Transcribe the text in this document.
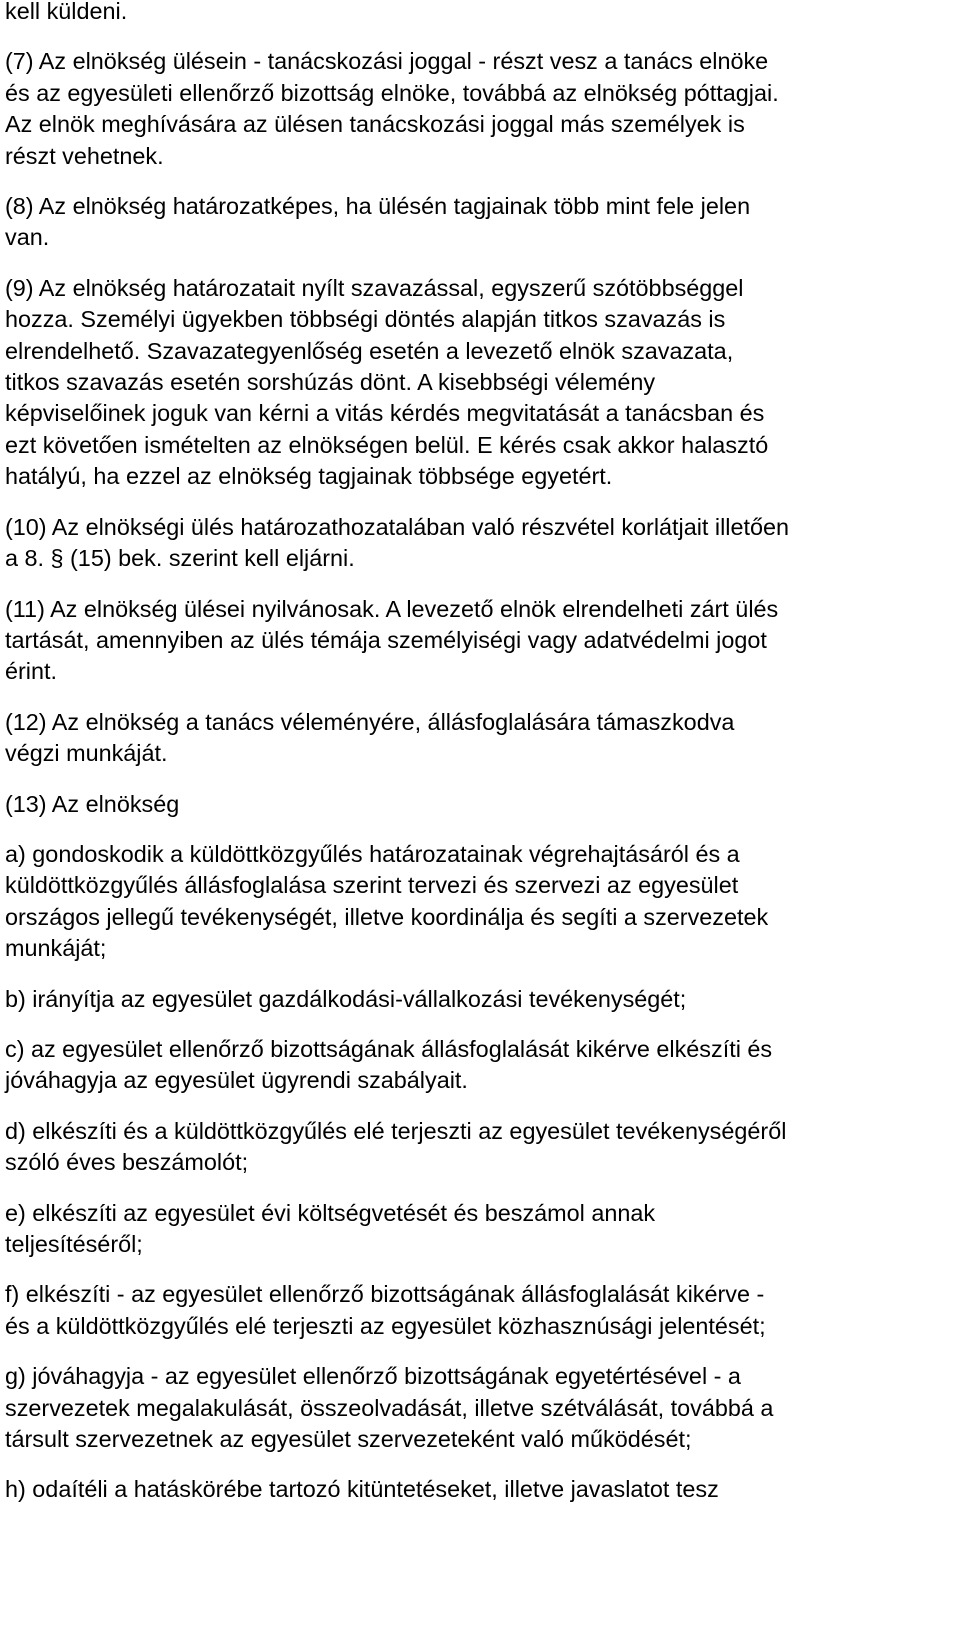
kell küldeni.
(7) Az elnökség ülésein - tanácskozási joggal - részt vesz a tanács elnöke
és az egyesületi ellenőrző bizottság elnöke, továbbá az elnökség póttagjai.
Az elnök meghívására az ülésen tanácskozási joggal más személyek is
részt vehetnek.
(8) Az elnökség határozatképes, ha ülésén tagjainak több mint fele jelen
van.
(9) Az elnökség határozatait nyílt szavazással, egyszerű szótöbbséggel
hozza. Személyi ügyekben többségi döntés alapján titkos szavazás is
elrendelhető. Szavazategyenlőség esetén a levezető elnök szavazata,
titkos szavazás esetén sorshúzás dönt. A kisebbségi vélemény
képviselőinek joguk van kérni a vitás kérdés megvitatását a tanácsban és
ezt követően ismételten az elnökségen belül. E kérés csak akkor halasztó
hatályú, ha ezzel az elnökség tagjainak többsége egyetért.
(10) Az elnökségi ülés határozathozatalában való részvétel korlátjait illetően
a 8. § (15) bek. szerint kell eljárni.
(11) Az elnökség ülései nyilvánosak. A levezető elnök elrendelheti zárt ülés
tartását, amennyiben az ülés témája személyiségi vagy adatvédelmi jogot
érint.
(12) Az elnökség a tanács véleményére, állásfoglalására támaszkodva
végzi munkáját.
(13) Az elnökség
a) gondoskodik a küldöttközgyűlés határozatainak végrehajtásáról és a
küldöttközgyűlés állásfoglalása szerint tervezi és szervezi az egyesület
országos jellegű tevékenységét, illetve koordinálja és segíti a szervezetek
munkáját;
b) irányítja az egyesület gazdálkodási-vállalkozási tevékenységét;
c) az egyesület ellenőrző bizottságának állásfoglalását kikérve elkészíti és
jóváhagyja az egyesület ügyrendi szabályait.
d) elkészíti és a küldöttközgyűlés elé terjeszti az egyesület tevékenységéről
szóló éves beszámolót;
e) elkészíti az egyesület évi költségvetését és beszámol annak
teljesítéséről;
f) elkészíti - az egyesület ellenőrző bizottságának állásfoglalását kikérve -
és a küldöttközgyűlés elé terjeszti az egyesület közhasznúsági jelentését;
g) jóváhagyja - az egyesület ellenőrző bizottságának egyetértésével - a
szervezetek megalakulását, összeolvadását, illetve szétválását, továbbá a
társult szervezetnek az egyesület szervezeteként való működését;
h) odaítéli a hatáskörébe tartozó kitüntetéseket, illetve javaslatot tesz
